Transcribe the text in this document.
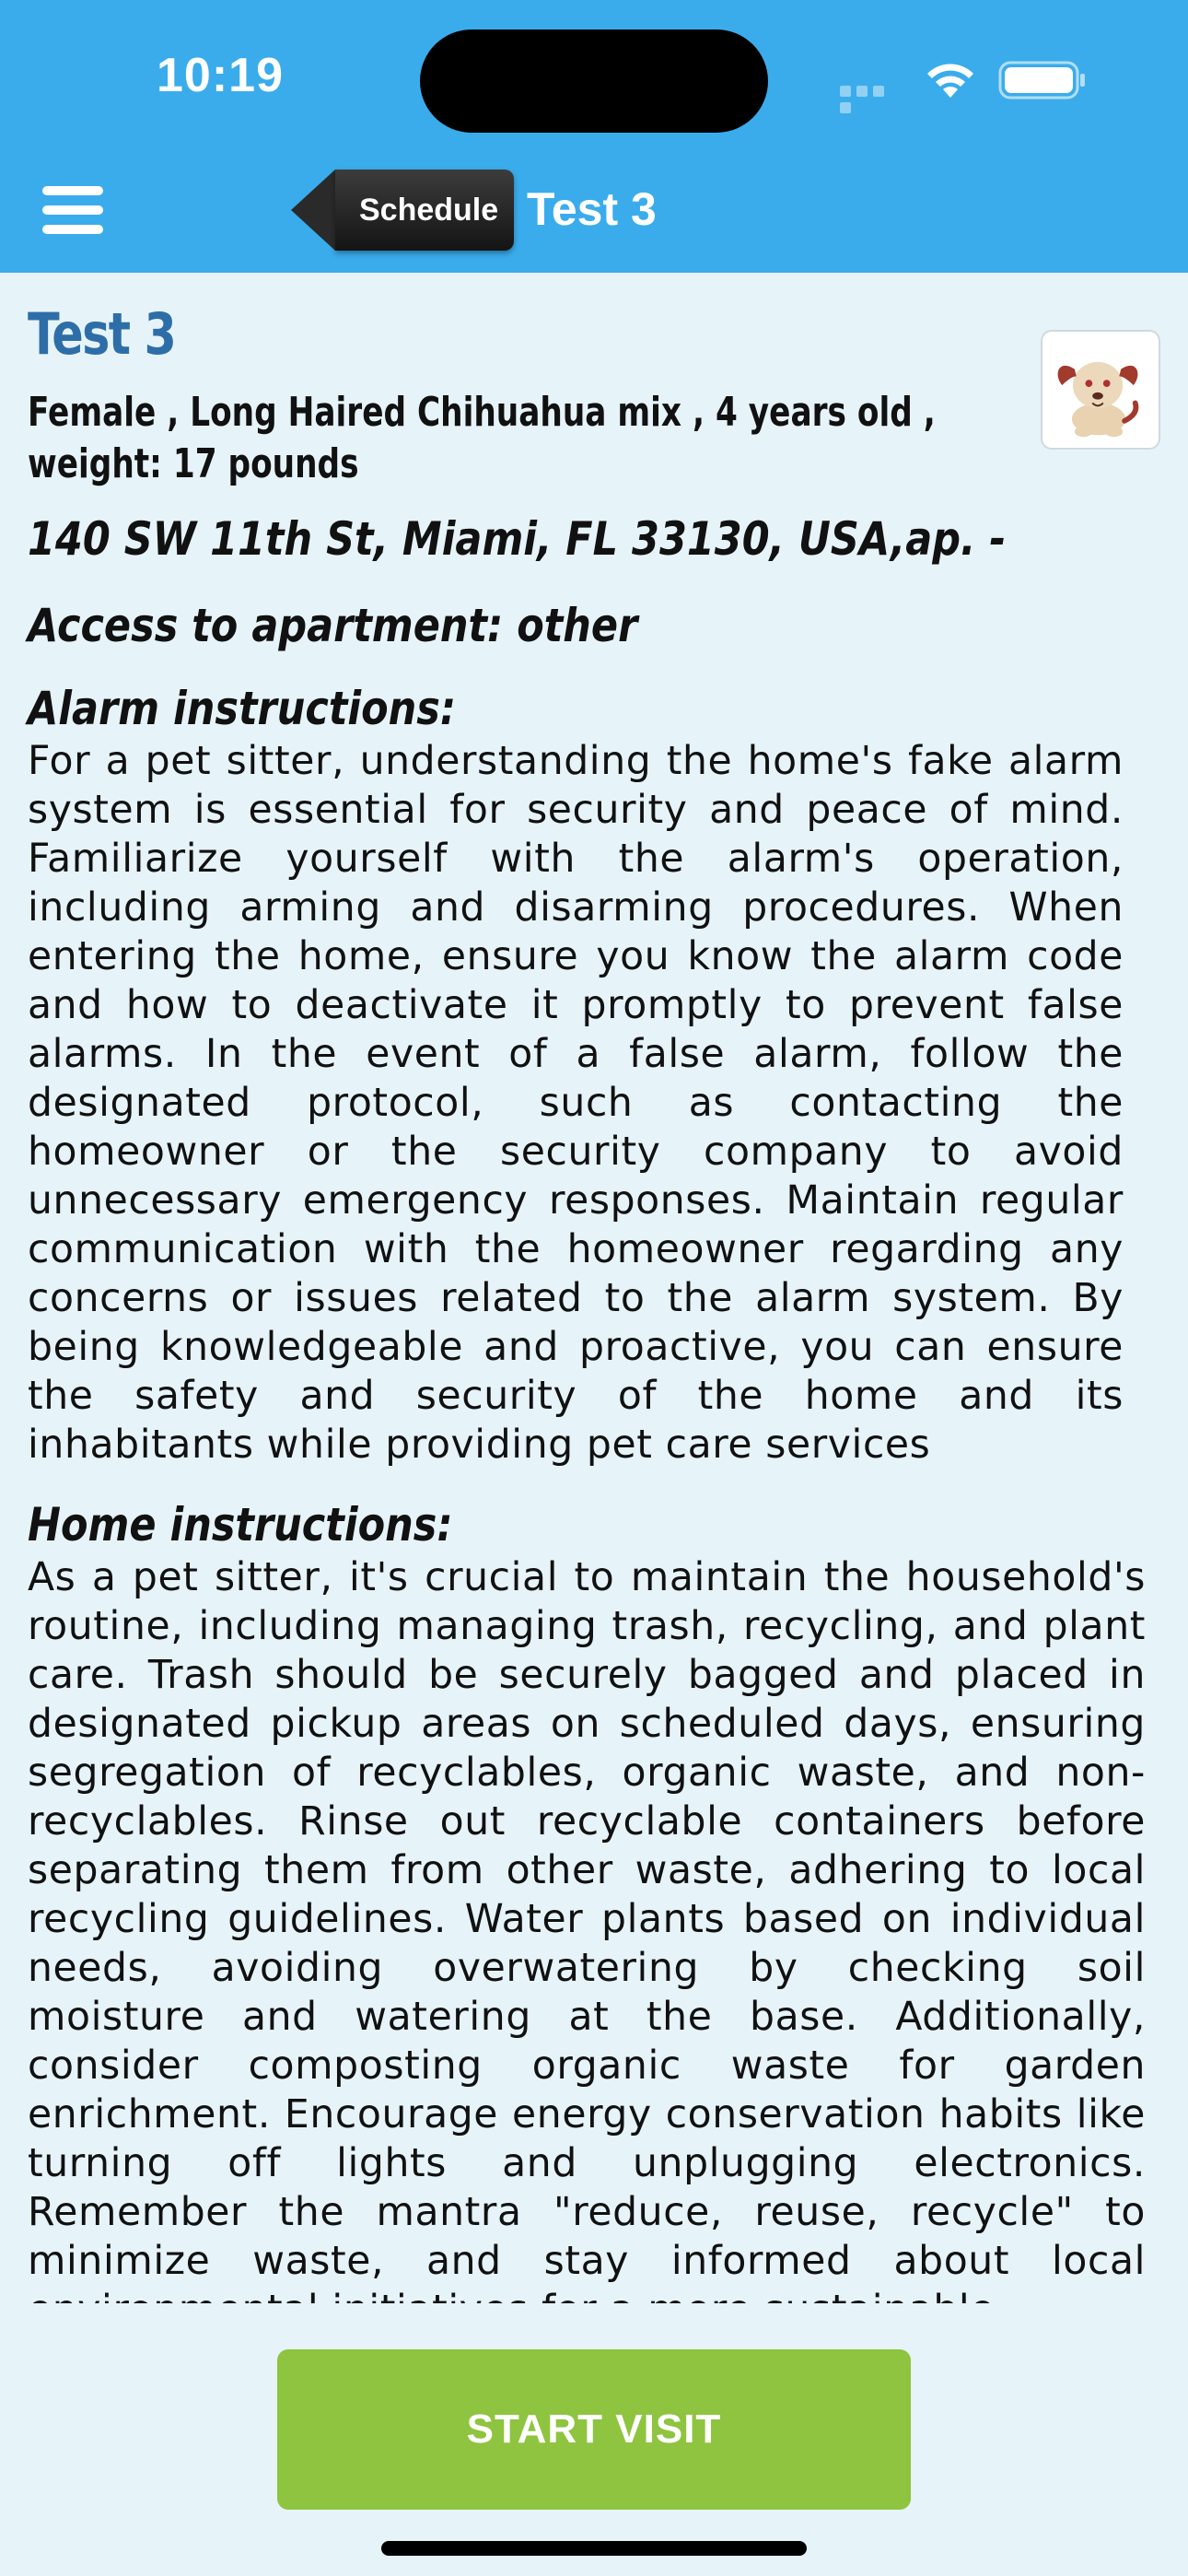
10:19
Schedule Test 3
Test 3
Female , Long Haired Chihuahua mix , 4 years old , weight: 17 pounds
140 SW 11th St, Miami, FL 33130, USA,ap. -
Access to apartment: other
Alarm instructions:
For a pet sitter, understanding the home's fake alarm system is essential for security and peace of mind. Familiarize yourself with the alarm's operation, including arming and disarming procedures. When entering the home, ensure you know the alarm code and how to deactivate it promptly to prevent false alarms. In the event of a false alarm, follow the designated protocol, such as contacting the homeowner or the security company to avoid unnecessary emergency responses. Maintain regular communication with the homeowner regarding any concerns or issues related to the alarm system. By being knowledgeable and proactive, you can ensure the safety and security of the home and its inhabitants while providing pet care services
Home instructions:
As a pet sitter, it's crucial to maintain the household's routine, including managing trash, recycling, and plant care. Trash should be securely bagged and placed in designated pickup areas on scheduled days, ensuring segregation of recyclables, organic waste, and non-recyclables. Rinse out recyclable containers before separating them from other waste, adhering to local recycling guidelines. Water plants based on individual needs, avoiding overwatering by checking soil moisture and watering at the base. Additionally, consider composting organic waste for garden enrichment. Encourage energy conservation habits like turning off lights and unplugging electronics. Remember the mantra "reduce, reuse, recycle" to minimize waste, and stay informed about local
START VISIT
